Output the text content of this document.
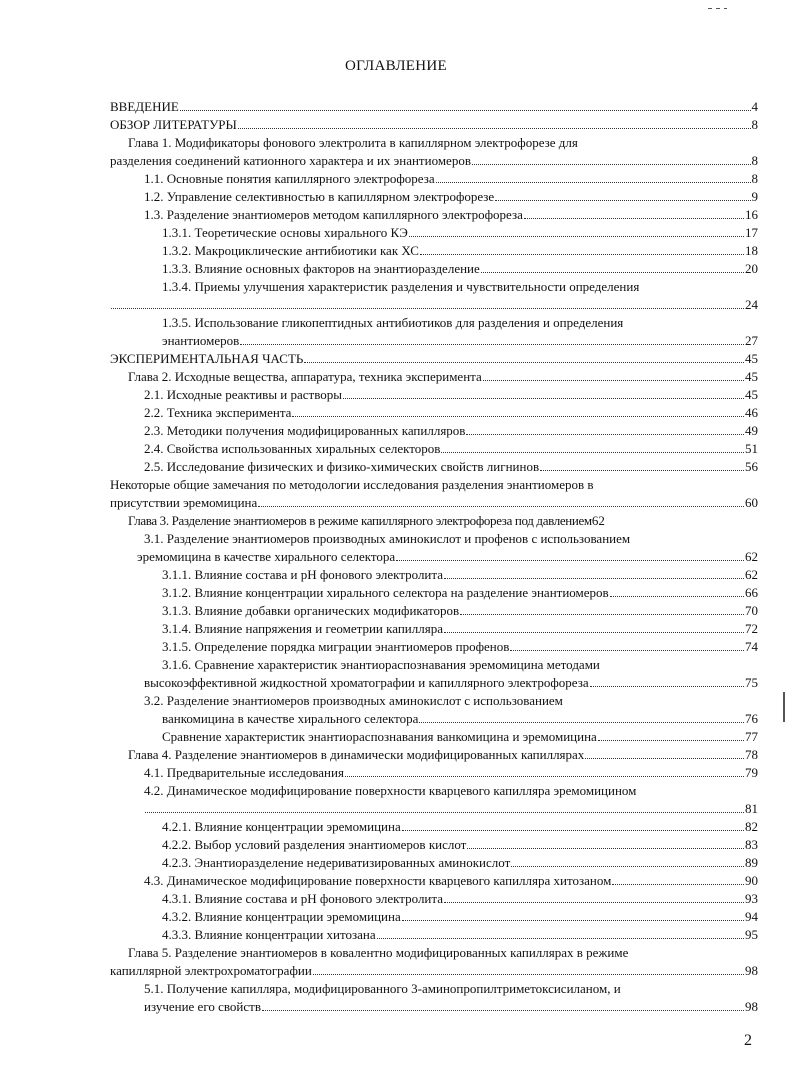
ОГЛАВЛЕНИЕ
ВВЕДЕНИЕ	4
ОБЗОР ЛИТЕРАТУРЫ	8
Глава 1. Модификаторы фонового электролита в капиллярном электрофорезе для
разделения соединений катионного характера и их энантиомеров	8
1.1. Основные понятия капиллярного электрофореза	8
1.2. Управление селективностью в капиллярном электрофорезе	9
1.3. Разделение энантиомеров методом капиллярного электрофореза	16
1.3.1. Теоретические основы хирального КЭ	17
1.3.2. Макроциклические антибиотики как ХС	18
1.3.3. Влияние основных факторов на энантиоразделение	20
1.3.4. Приемы улучшения характеристик разделения и чувствительности определения
24
1.3.5. Использование гликопептидных антибиотиков для разделения и определения
энантиомеров	27
ЭКСПЕРИМЕНТАЛЬНАЯ ЧАСТЬ	45
Глава 2. Исходные вещества, аппаратура, техника эксперимента	45
2.1. Исходные реактивы и растворы	45
2.2. Техника эксперимента	46
2.3. Методики получения модифицированных капилляров	49
2.4. Свойства использованных хиральных селекторов	51
2.5. Исследование физических и физико-химических свойств лигнинов	56
Некоторые общие замечания по методологии исследования разделения энантиомеров в
присутствии эремомицина	60
Глава 3. Разделение энантиомеров в режиме капиллярного электрофореза под давлением 62
3.1. Разделение энантиомеров производных аминокислот и профенов с использованием
эремомицина в качестве хирального селектора	62
3.1.1. Влияние состава и pH фонового электролита	62
3.1.2. Влияние концентрации хирального селектора на разделение энантиомеров	66
3.1.3. Влияние добавки органических модификаторов	70
3.1.4. Влияние напряжения и геометрии капилляра	72
3.1.5. Определение порядка миграции энантиомеров профенов	74
3.1.6. Сравнение характеристик энантиораспознавания эремомицина методами
высокоэффективной жидкостной хроматографии и капиллярного электрофореза	75
3.2. Разделение энантиомеров производных аминокислот с использованием
ванкомицина в качестве хирального селектора	76
Сравнение характеристик энантиораспознавания ванкомицина и эремомицина	77
Глава 4. Разделение энантиомеров в динамически модифицированных капиллярах	78
4.1. Предварительные исследования	79
4.2. Динамическое модифицирование поверхности кварцевого капилляра эремомицином
81
4.2.1. Влияние концентрации эремомицина	82
4.2.2. Выбор условий разделения энантиомеров кислот	83
4.2.3. Энантиоразделение недериватизированных аминокислот	89
4.3. Динамическое модифицирование поверхности кварцевого капилляра хитозаном	90
4.3.1. Влияние состава и pH фонового электролита	93
4.3.2. Влияние концентрации эремомицина	94
4.3.3. Влияние концентрации хитозана	95
Глава 5. Разделение энантиомеров в ковалентно модифицированных капиллярах в режиме
капиллярной электрохроматографии	98
5.1. Получение капилляра, модифицированного 3-аминопропилтриметоксисиланом, и
изучение его свойств	98
2
